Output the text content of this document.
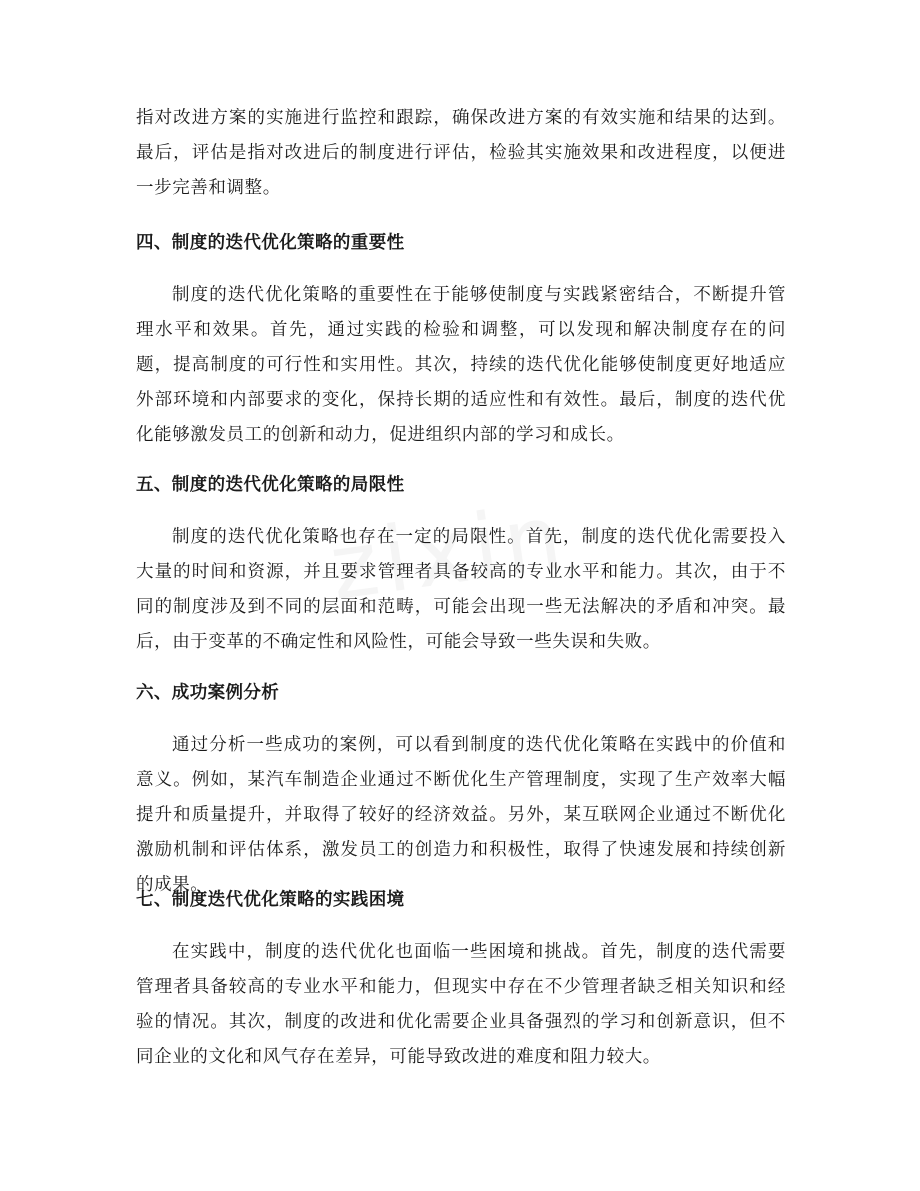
指对改进方案的实施进行监控和跟踪，确保改进方案的有效实施和结果的达到。最后，评估是指对改进后的制度进行评估，检验其实施效果和改进程度，以便进一步完善和调整。

四、制度的迭代优化策略的重要性

制度的迭代优化策略的重要性在于能够使制度与实践紧密结合，不断提升管理水平和效果。首先，通过实践的检验和调整，可以发现和解决制度存在的问题，提高制度的可行性和实用性。其次，持续的迭代优化能够使制度更好地适应外部环境和内部要求的变化，保持长期的适应性和有效性。最后，制度的迭代优化能够激发员工的创新和动力，促进组织内部的学习和成长。

五、制度的迭代优化策略的局限性

制度的迭代优化策略也存在一定的局限性。首先，制度的迭代优化需要投入大量的时间和资源，并且要求管理者具备较高的专业水平和能力。其次，由于不同的制度涉及到不同的层面和范畴，可能会出现一些无法解决的矛盾和冲突。最后，由于变革的不确定性和风险性，可能会导致一些失误和失败。

六、成功案例分析

通过分析一些成功的案例，可以看到制度的迭代优化策略在实践中的价值和意义。例如，某汽车制造企业通过不断优化生产管理制度，实现了生产效率大幅提升和质量提升，并取得了较好的经济效益。另外，某互联网企业通过不断优化激励机制和评估体系，激发员工的创造力和积极性，取得了快速发展和持续创新的成果。

七、制度迭代优化策略的实践困境

在实践中，制度的迭代优化也面临一些困境和挑战。首先，制度的迭代需要管理者具备较高的专业水平和能力，但现实中存在不少管理者缺乏相关知识和经验的情况。其次，制度的改进和优化需要企业具备强烈的学习和创新意识，但不同企业的文化和风气存在差异，可能导致改进的难度和阻力较大。
